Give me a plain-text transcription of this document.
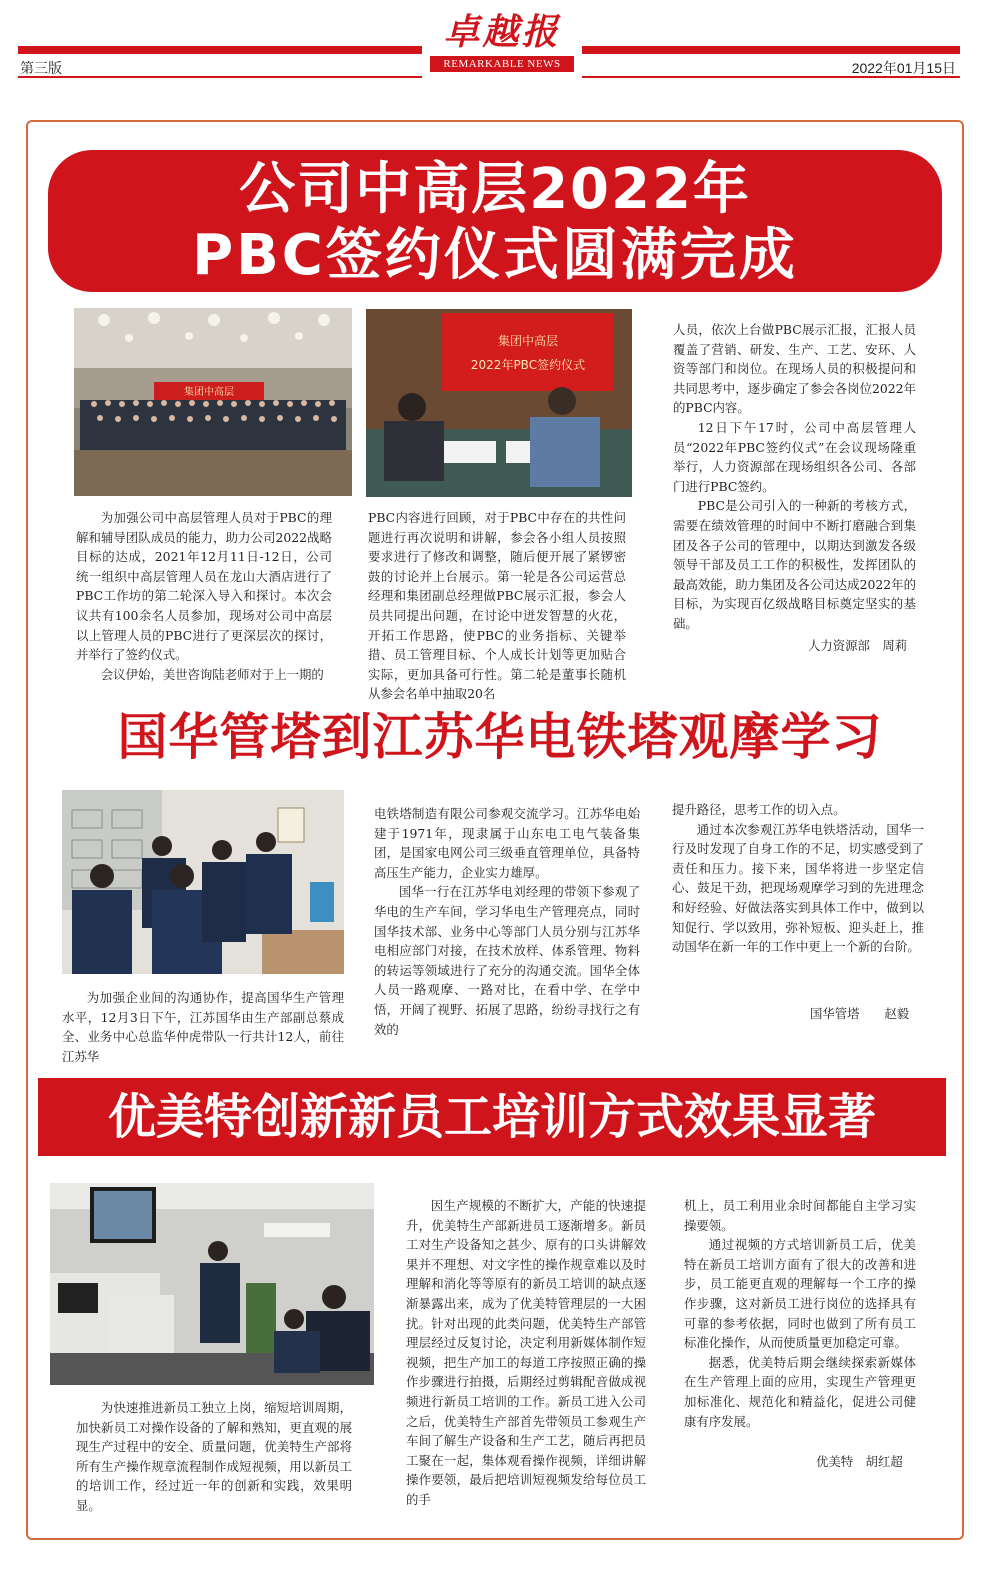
第三版	2022年01月15日
卓越报
REMARKABLE NEWS
公司中高层2022年
PBC签约仪式圆满完成
集团中高层
集团中高层
2022年PBC签约仪式

为加强公司中高层管理人员对于PBC的理解和辅导团队成员的能力，助力公司2022战略目标的达成，2021年12月11日-12日，公司统一组织中高层管理人员在龙山大酒店进行了PBC工作坊的第二轮深入导入和探讨。本次会议共有100余名人员参加，现场对公司中高层以上管理人员的PBC进行了更深层次的探讨，并举行了签约仪式。

会议伊始，美世咨询陆老师对于上一期的

PBC内容进行回顾，对于PBC中存在的共性问题进行再次说明和讲解，参会各小组人员按照要求进行了修改和调整，随后便开展了紧锣密鼓的讨论并上台展示。第一轮是各公司运营总经理和集团副总经理做PBC展示汇报，参会人员共同提出问题，在讨论中迸发智慧的火花，开拓工作思路，使PBC的业务指标、关键举措、员工管理目标、个人成长计划等更加贴合实际，更加具备可行性。第二轮是董事长随机从参会名单中抽取20名

人员，依次上台做PBC展示汇报，汇报人员覆盖了营销、研发、生产、工艺、安环、人资等部门和岗位。在现场人员的积极提问和共同思考中，逐步确定了参会各岗位2022年的PBC内容。

12日下午17时，公司中高层管理人员“2022年PBC签约仪式”在会议现场隆重举行，人力资源部在现场组织各公司、各部门进行PBC签约。

PBC是公司引入的一种新的考核方式，需要在绩效管理的时间中不断打磨融合到集团及各子公司的管理中，以期达到激发各级领导干部及员工工作的积极性，发挥团队的最高效能，助力集团及各公司达成2022年的目标，为实现百亿级战略目标奠定坚实的基础。

人力资源部　周莉
国华管塔到江苏华电铁塔观摩学习

为加强企业间的沟通协作，提高国华生产管理水平，12月3日下午，江苏国华由生产部副总蔡成全、业务中心总监华仲虎带队一行共计12人，前往江苏华

电铁塔制造有限公司参观交流学习。江苏华电始建于1971年，现隶属于山东电工电气装备集团，是国家电网公司三级垂直管理单位，具备特高压生产能力，企业实力雄厚。

国华一行在江苏华电刘经理的带领下参观了华电的生产车间，学习华电生产管理亮点，同时国华技术部、业务中心等部门人员分别与江苏华电相应部门对接，在技术放样、体系管理、物料的转运等领域进行了充分的沟通交流。国华全体人员一路观摩、一路对比，在看中学、在学中悟，开阔了视野、拓展了思路，纷纷寻找行之有效的

提升路径，思考工作的切入点。

通过本次参观江苏华电铁塔活动，国华一行及时发现了自身工作的不足，切实感受到了责任和压力。接下来，国华将进一步坚定信心、鼓足干劲，把现场观摩学习到的先进理念和好经验、好做法落实到具体工作中，做到以知促行、学以致用，弥补短板、迎头赶上，推动国华在新一年的工作中更上一个新的台阶。

国华管塔　　赵毅
优美特创新新员工培训方式效果显著

为快速推进新员工独立上岗，缩短培训周期，加快新员工对操作设备的了解和熟知，更直观的展现生产过程中的安全、质量问题，优美特生产部将所有生产操作规章流程制作成短视频，用以新员工的培训工作，经过近一年的创新和实践，效果明显。

因生产规模的不断扩大，产能的快速提升，优美特生产部新进员工逐渐增多。新员工对生产设备知之甚少、原有的口头讲解效果并不理想、对文字性的操作规章难以及时理解和消化等等原有的新员工培训的缺点逐渐暴露出来，成为了优美特管理层的一大困扰。针对出现的此类问题，优美特生产部管理层经过反复讨论，决定利用新媒体制作短视频，把生产加工的每道工序按照正确的操作步骤进行拍摄，后期经过剪辑配音做成视频进行新员工培训的工作。新员工进入公司之后，优美特生产部首先带领员工参观生产车间了解生产设备和生产工艺，随后再把员工聚在一起，集体观看操作视频，详细讲解操作要领，最后把培训短视频发给每位员工的手

机上，员工利用业余时间都能自主学习实操要领。

通过视频的方式培训新员工后，优美特在新员工培训方面有了很大的改善和进步，员工能更直观的理解每一个工序的操作步骤，这对新员工进行岗位的选择具有可靠的参考依据，同时也做到了所有员工标准化操作，从而使质量更加稳定可靠。

据悉，优美特后期会继续探索新媒体在生产管理上面的应用，实现生产管理更加标准化、规范化和精益化，促进公司健康有序发展。

优美特　胡红超
